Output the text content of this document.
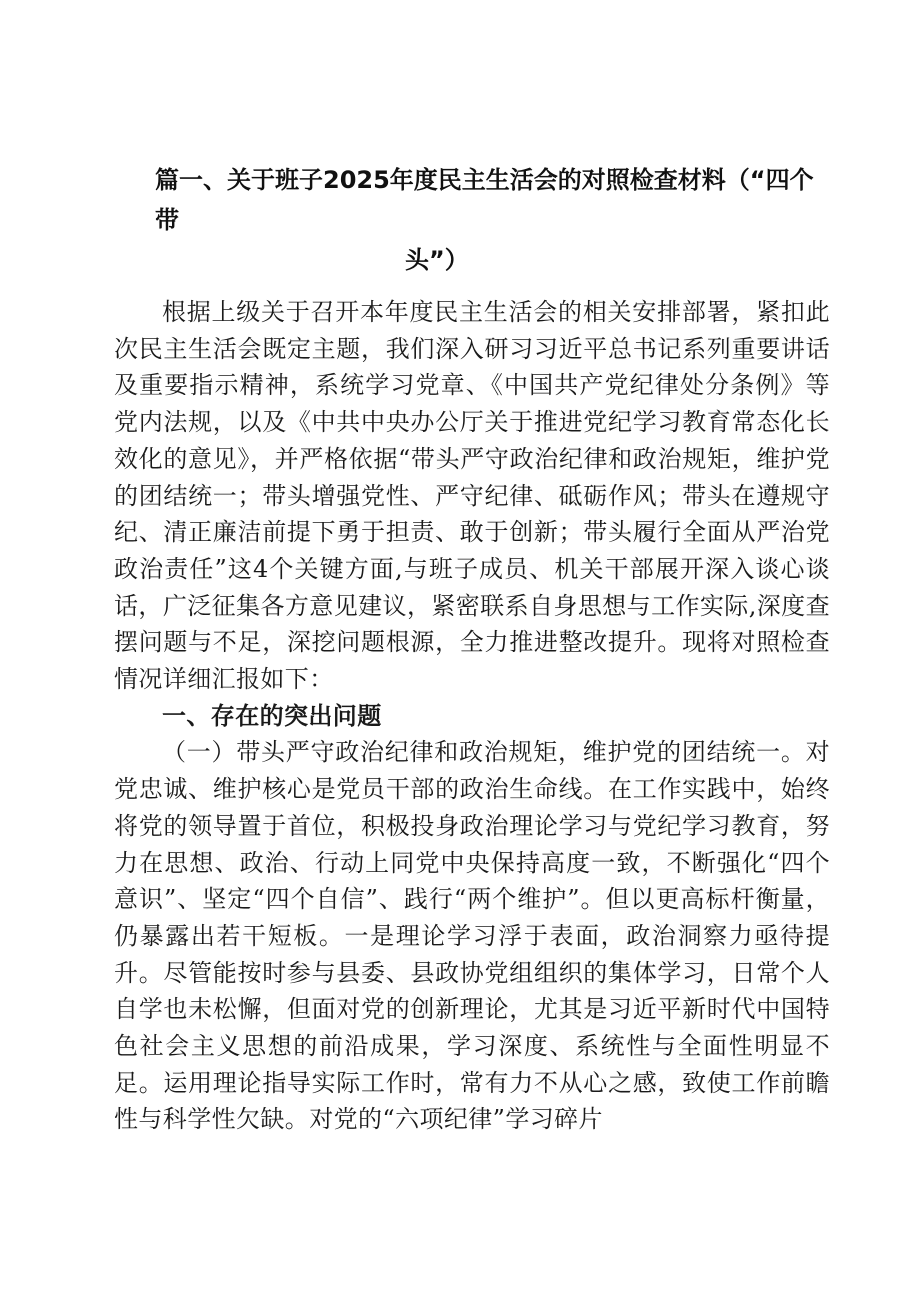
篇一、关于班子2025年度民主生活会的对照检查材料（“四个带
头”）

根据上级关于召开本年度民主生活会的相关安排部署，紧扣此次民主生活会既定主题，我们深入研习习近平总书记系列重要讲话及重要指示精神，系统学习党章、《中国共产党纪律处分条例》等党内法规，以及《中共中央办公厅关于推进党纪学习教育常态化长效化的意见》，并严格依据“带头严守政治纪律和政治规矩，维护党的团结统一；带头增强党性、严守纪律、砥砺作风；带头在遵规守纪、清正廉洁前提下勇于担责、敢于创新；带头履行全面从严治党政治责任”这4个关键方面,与班子成员、机关干部展开深入谈心谈话，广泛征集各方意见建议，紧密联系自身思想与工作实际,深度查摆问题与不足，深挖问题根源，全力推进整改提升。现将对照检查情况详细汇报如下：

一、存在的突出问题

（一）带头严守政治纪律和政治规矩，维护党的团结统一。对党忠诚、维护核心是党员干部的政治生命线。在工作实践中，始终将党的领导置于首位，积极投身政治理论学习与党纪学习教育，努力在思想、政治、行动上同党中央保持高度一致，不断强化“四个意识”、坚定“四个自信”、践行“两个维护”。但以更高标杆衡量，仍暴露出若干短板。一是理论学习浮于表面，政治洞察力亟待提升。尽管能按时参与县委、县政协党组组织的集体学习，日常个人自学也未松懈，但面对党的创新理论，尤其是习近平新时代中国特色社会主义思想的前沿成果，学习深度、系统性与全面性明显不足。运用理论指导实际工作时，常有力不从心之感，致使工作前瞻性与科学性欠缺。对党的“六项纪律”学习碎片
